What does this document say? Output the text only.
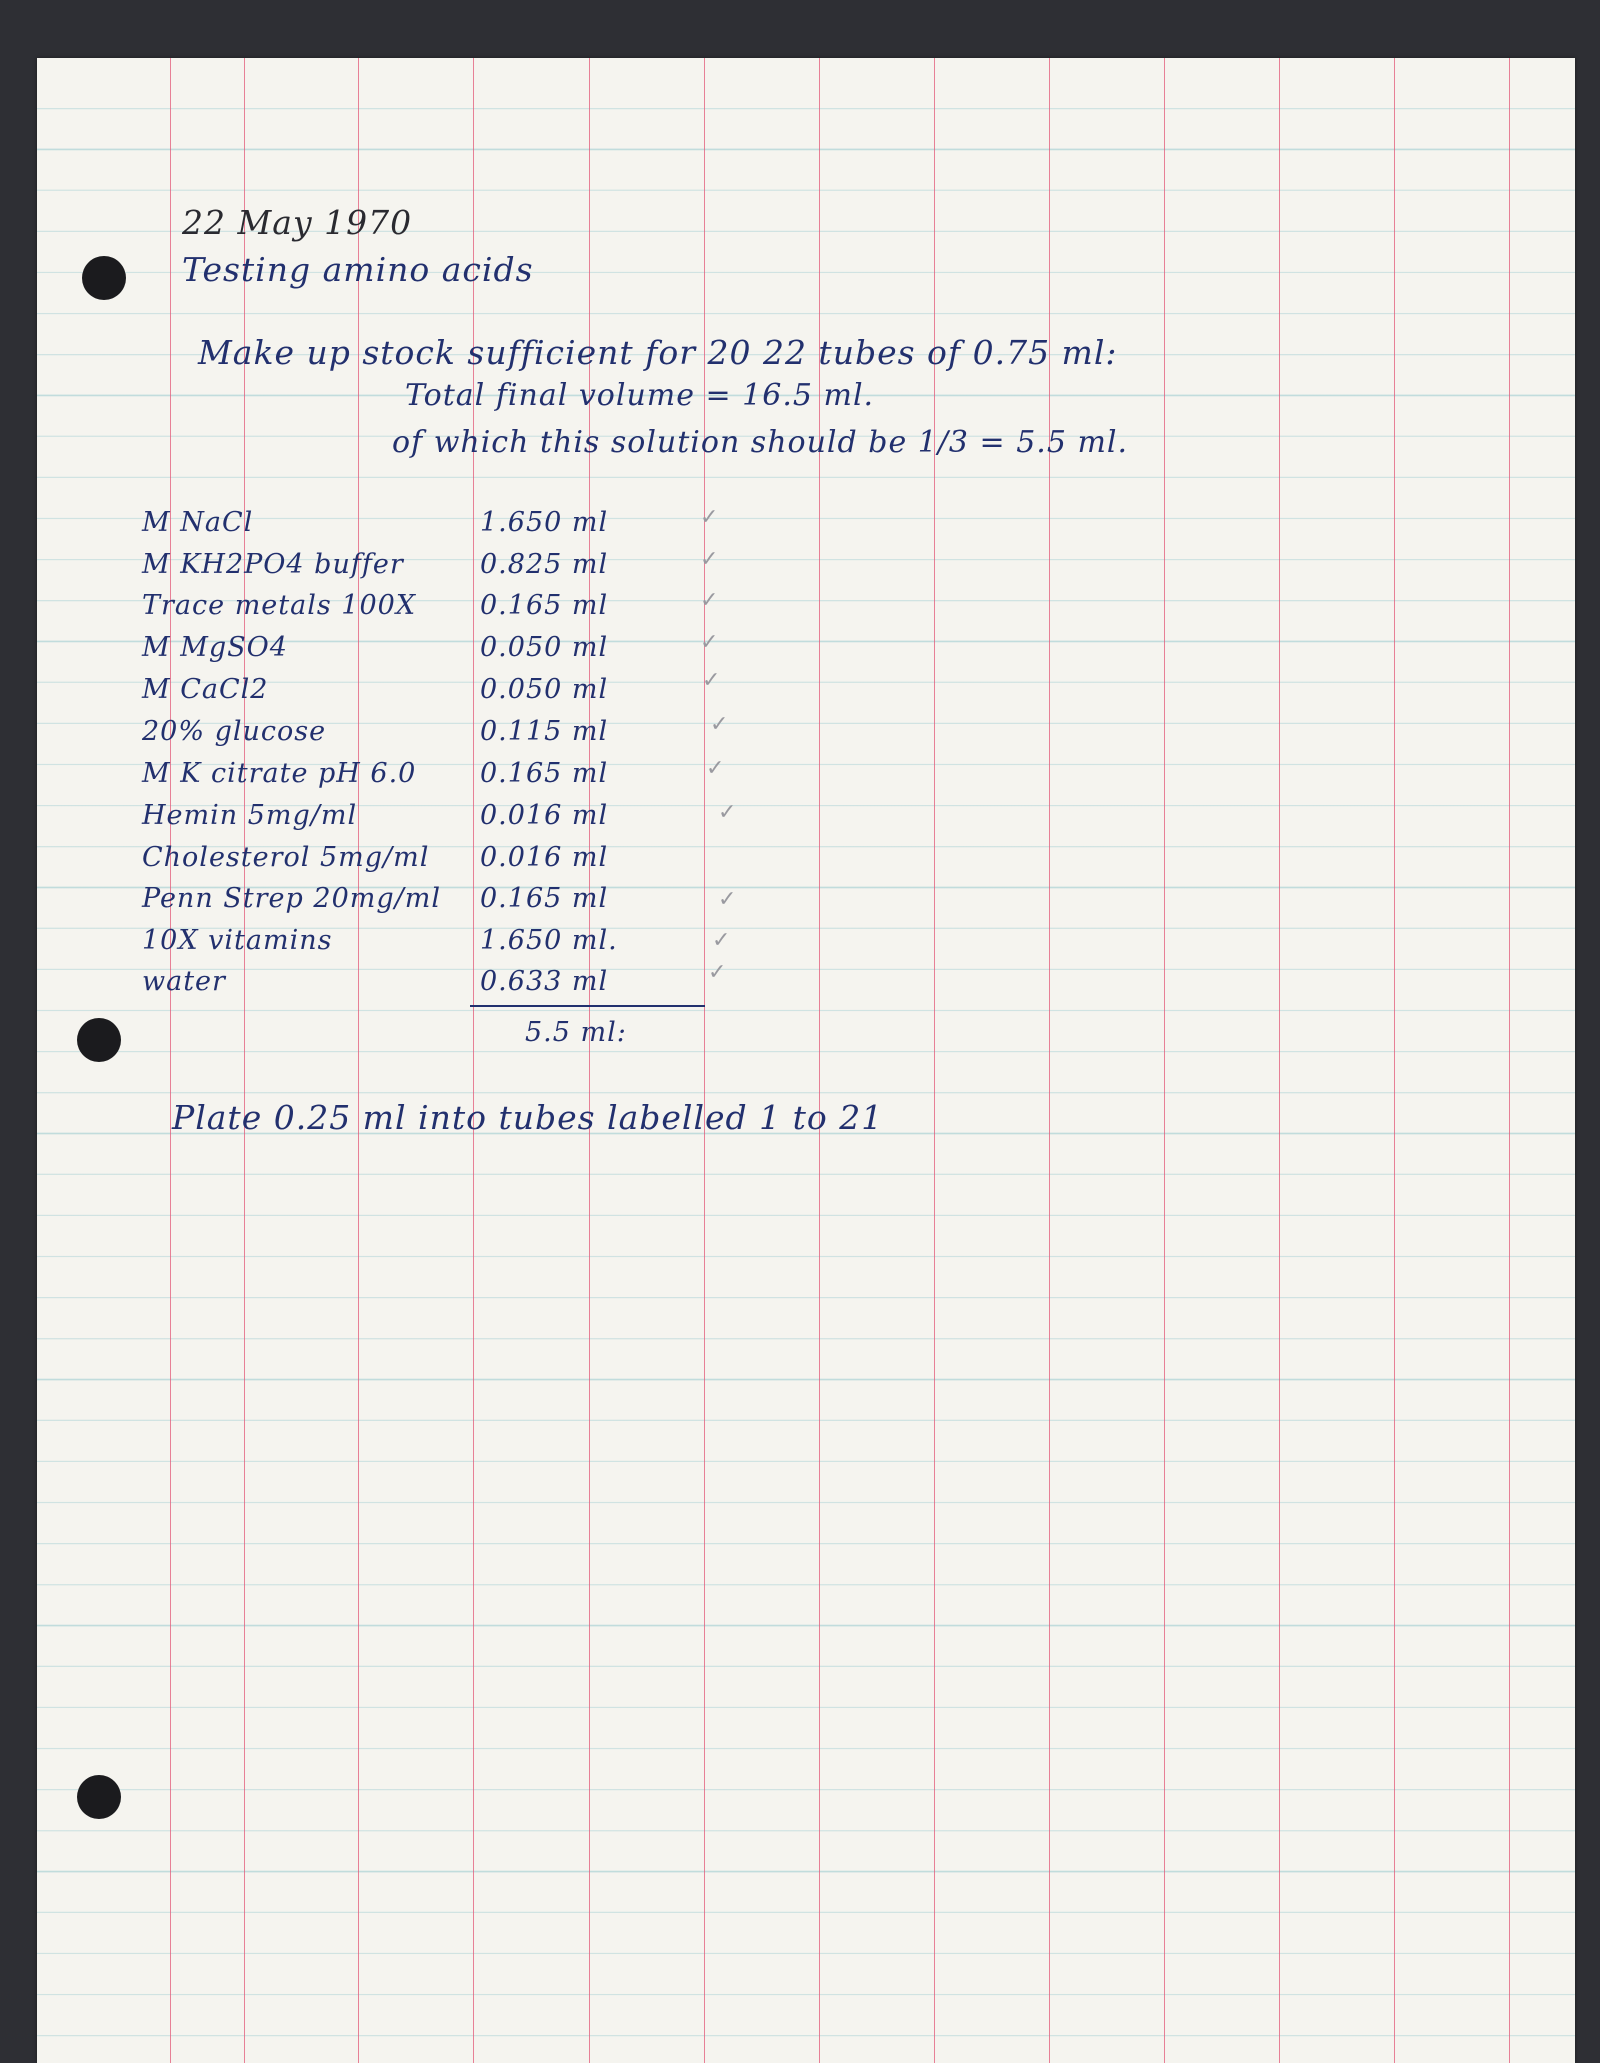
22 May 1970
Testing amino acids
Make up stock sufficient for 20 22 tubes of 0.75 ml:
Total final volume = 16.5 ml.
of which this solution should be 1/3 = 5.5 ml.
M NaCl	1.650 ml	✓
M KH2PO4 buffer	0.825 ml	✓
Trace metals 100X 0.165 ml	✓
M MgSO4	0.050 ml	✓
M CaCl2	0.050 ml	✓
20% glucose	0.115 ml	✓
M K citrate pH 6.0 0.165 ml	✓
Hemin 5mg/ml	0.016 ml	✓
Cholesterol 5mg/ml 0.016 ml
Penn Strep 20mg/ml 0.165 ml	✓
10X vitamins	1.650 ml.	✓
water	0.633 ml	✓
5.5 ml:
Plate 0.25 ml into tubes labelled 1 to 21
